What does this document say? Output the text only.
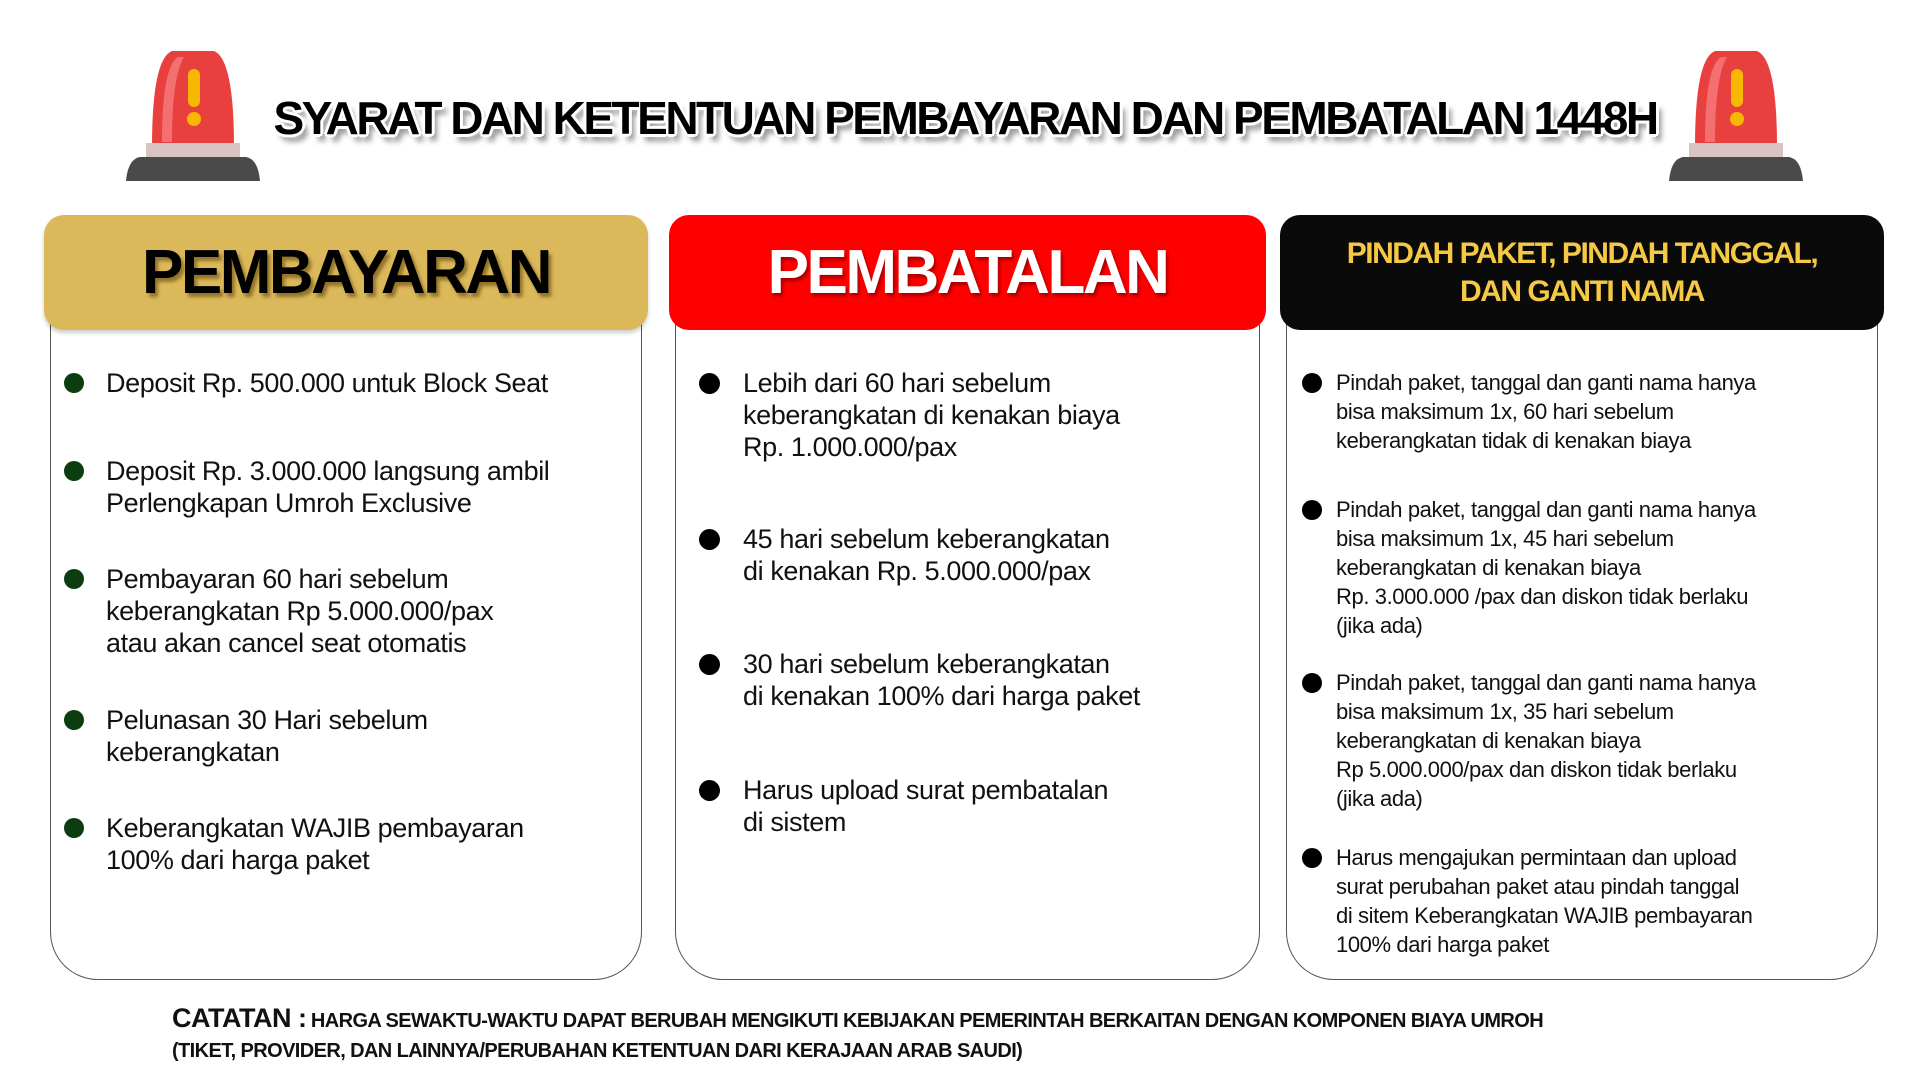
SYARAT DAN KETENTUAN PEMBAYARAN DAN PEMBATALAN 1448H
PEMBAYARAN
Deposit Rp. 500.000 untuk Block Seat
Deposit Rp. 3.000.000 langsung ambil
Perlengkapan Umroh Exclusive
Pembayaran 60 hari sebelum
keberangkatan Rp 5.000.000/pax
atau akan cancel seat otomatis
Pelunasan 30 Hari sebelum
keberangkatan
Keberangkatan WAJIB pembayaran
100% dari harga paket
PEMBATALAN
Lebih dari 60 hari sebelum
keberangkatan di kenakan biaya
Rp. 1.000.000/pax
45 hari sebelum keberangkatan
di kenakan Rp. 5.000.000/pax
30 hari sebelum keberangkatan
di kenakan 100% dari harga paket
Harus upload surat pembatalan
di sistem
PINDAH PAKET, PINDAH TANGGAL,
DAN GANTI NAMA
Pindah paket, tanggal dan ganti nama hanya
bisa maksimum 1x, 60 hari sebelum
keberangkatan tidak di kenakan biaya
Pindah paket, tanggal dan ganti nama hanya
bisa maksimum 1x, 45 hari sebelum
keberangkatan di kenakan biaya
Rp. 3.000.000 /pax dan diskon tidak berlaku
(jika ada)
Pindah paket, tanggal dan ganti nama hanya
bisa maksimum 1x, 35 hari sebelum
keberangkatan di kenakan biaya
Rp 5.000.000/pax dan diskon tidak berlaku
(jika ada)
Harus mengajukan permintaan dan upload
surat perubahan paket atau pindah tanggal
di sitem Keberangkatan WAJIB pembayaran
100% dari harga paket
CATATAN : HARGA SEWAKTU-WAKTU DAPAT BERUBAH MENGIKUTI KEBIJAKAN PEMERINTAH BERKAITAN DENGAN KOMPONEN BIAYA UMROH
(TIKET, PROVIDER, DAN LAINNYA/PERUBAHAN KETENTUAN DARI KERAJAAN ARAB SAUDI)
